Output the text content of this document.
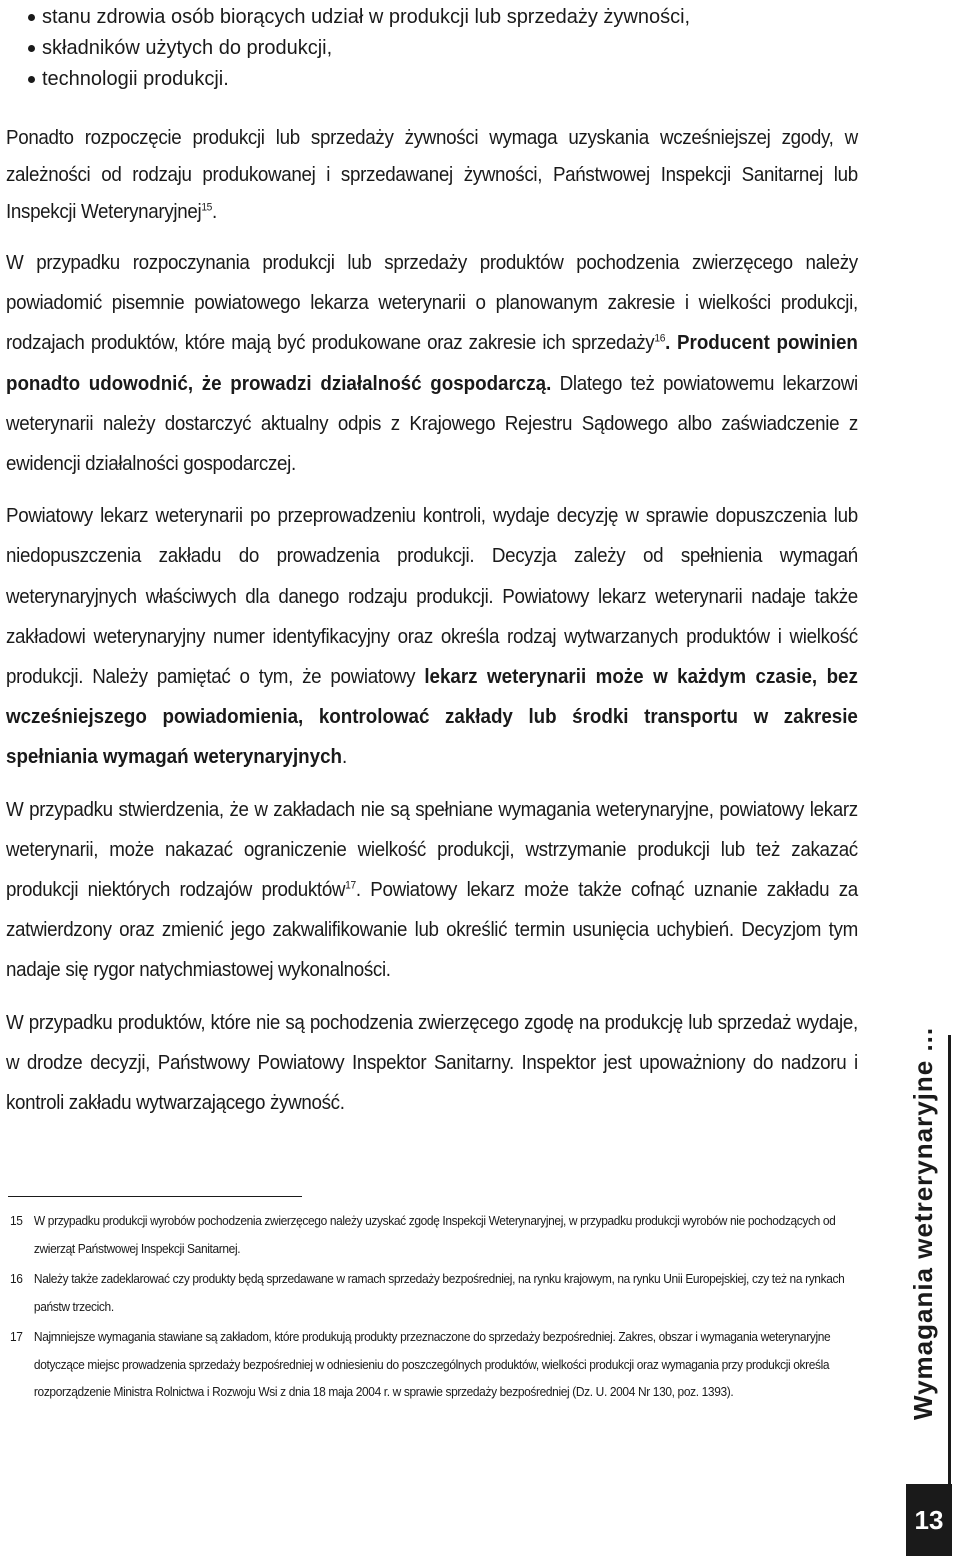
stanu zdrowia osób biorących udział w produkcji lub sprzedaży żywności,
składników użytych do produkcji,
technologii produkcji.

Ponadto rozpoczęcie produkcji lub sprzedaży żywności wymaga uzyskania wcześniejszej zgody, w zależności od rodzaju produkowanej i sprzedawanej żywności, Państwowej Inspekcji Sanitarnej lub Inspekcji Weterynaryjnej$^{15}$.

W przypadku rozpoczynania produkcji lub sprzedaży produktów pochodzenia zwierzęcego należy powiadomić pisemnie powiatowego lekarza weterynarii o planowanym zakresie i wielkości produkcji, rodzajach produktów, które mają być produkowane oraz zakresie ich sprzedaży$^{16}$. Producent powinien ponadto udowodnić, że prowadzi działalność gospodarczą. Dlatego też powiatowemu lekarzowi weterynarii należy dostarczyć aktualny odpis z Krajowego Rejestru Sądowego albo zaświadczenie z ewidencji działalności gospodarczej.

Powiatowy lekarz weterynarii po przeprowadzeniu kontroli, wydaje decyzję w sprawie dopuszczenia lub niedopuszczenia zakładu do prowadzenia produkcji. Decyzja zależy od spełnienia wymagań weterynaryjnych właściwych dla danego rodzaju produkcji. Powiatowy lekarz weterynarii nadaje także zakładowi weterynaryjny numer identyfikacyjny oraz określa rodzaj wytwarzanych produktów i wielkość produkcji. Należy pamiętać o tym, że powiatowy lekarz weterynarii może w każdym czasie, bez wcześniejszego powiadomienia, kontrolować zakłady lub środki transportu w zakresie spełniania wymagań weterynaryjnych.

W przypadku stwierdzenia, że w zakładach nie są spełniane wymagania weterynaryjne, powiatowy lekarz weterynarii, może nakazać ograniczenie wielkość produkcji, wstrzymanie produkcji lub też zakazać produkcji niektórych rodzajów produktów$^{17}$. Powiatowy lekarz może także cofnąć uznanie zakładu za zatwierdzony oraz zmienić jego zakwalifikowanie lub określić termin usunięcia uchybień. Decyzjom tym nadaje się rygor natychmiastowej wykonalności.

W przypadku produktów, które nie są pochodzenia zwierzęcego zgodę na produkcję lub sprzedaż wydaje, w drodze decyzji, Państwowy Powiatowy Inspektor Sanitarny. Inspektor jest upoważniony do nadzoru i kontroli zakładu wytwarzającego żywność.

15 W przypadku produkcji wyrobów pochodzenia zwierzęcego należy uzyskać zgodę Inspekcji Weterynaryjnej, w przypadku produkcji wyrobów nie pochodzących od zwierząt Państwowej Inspekcji Sanitarnej.
16 Należy także zadeklarować czy produkty będą sprzedawane w ramach sprzedaży bezpośredniej, na rynku krajowym, na rynku Unii Europejskiej, czy też na rynkach państw trzecich.
17 Najmniejsze wymagania stawiane są zakładom, które produkują produkty przeznaczone do sprzedaży bezpośredniej. Zakres, obszar i wymagania weterynaryjne dotyczące miejsc prowadzenia sprzedaży bezpośredniej w odniesieniu do poszczególnych produktów, wielkości produkcji oraz wymagania przy produkcji określa rozporządzenie Ministra Rolnictwa i Rozwoju Wsi z dnia 18 maja 2004 r. w sprawie sprzedaży bezpośredniej (Dz. U. 2004 Nr 130, poz. 1393).	Wymagania wetrerynaryjne ...
13
